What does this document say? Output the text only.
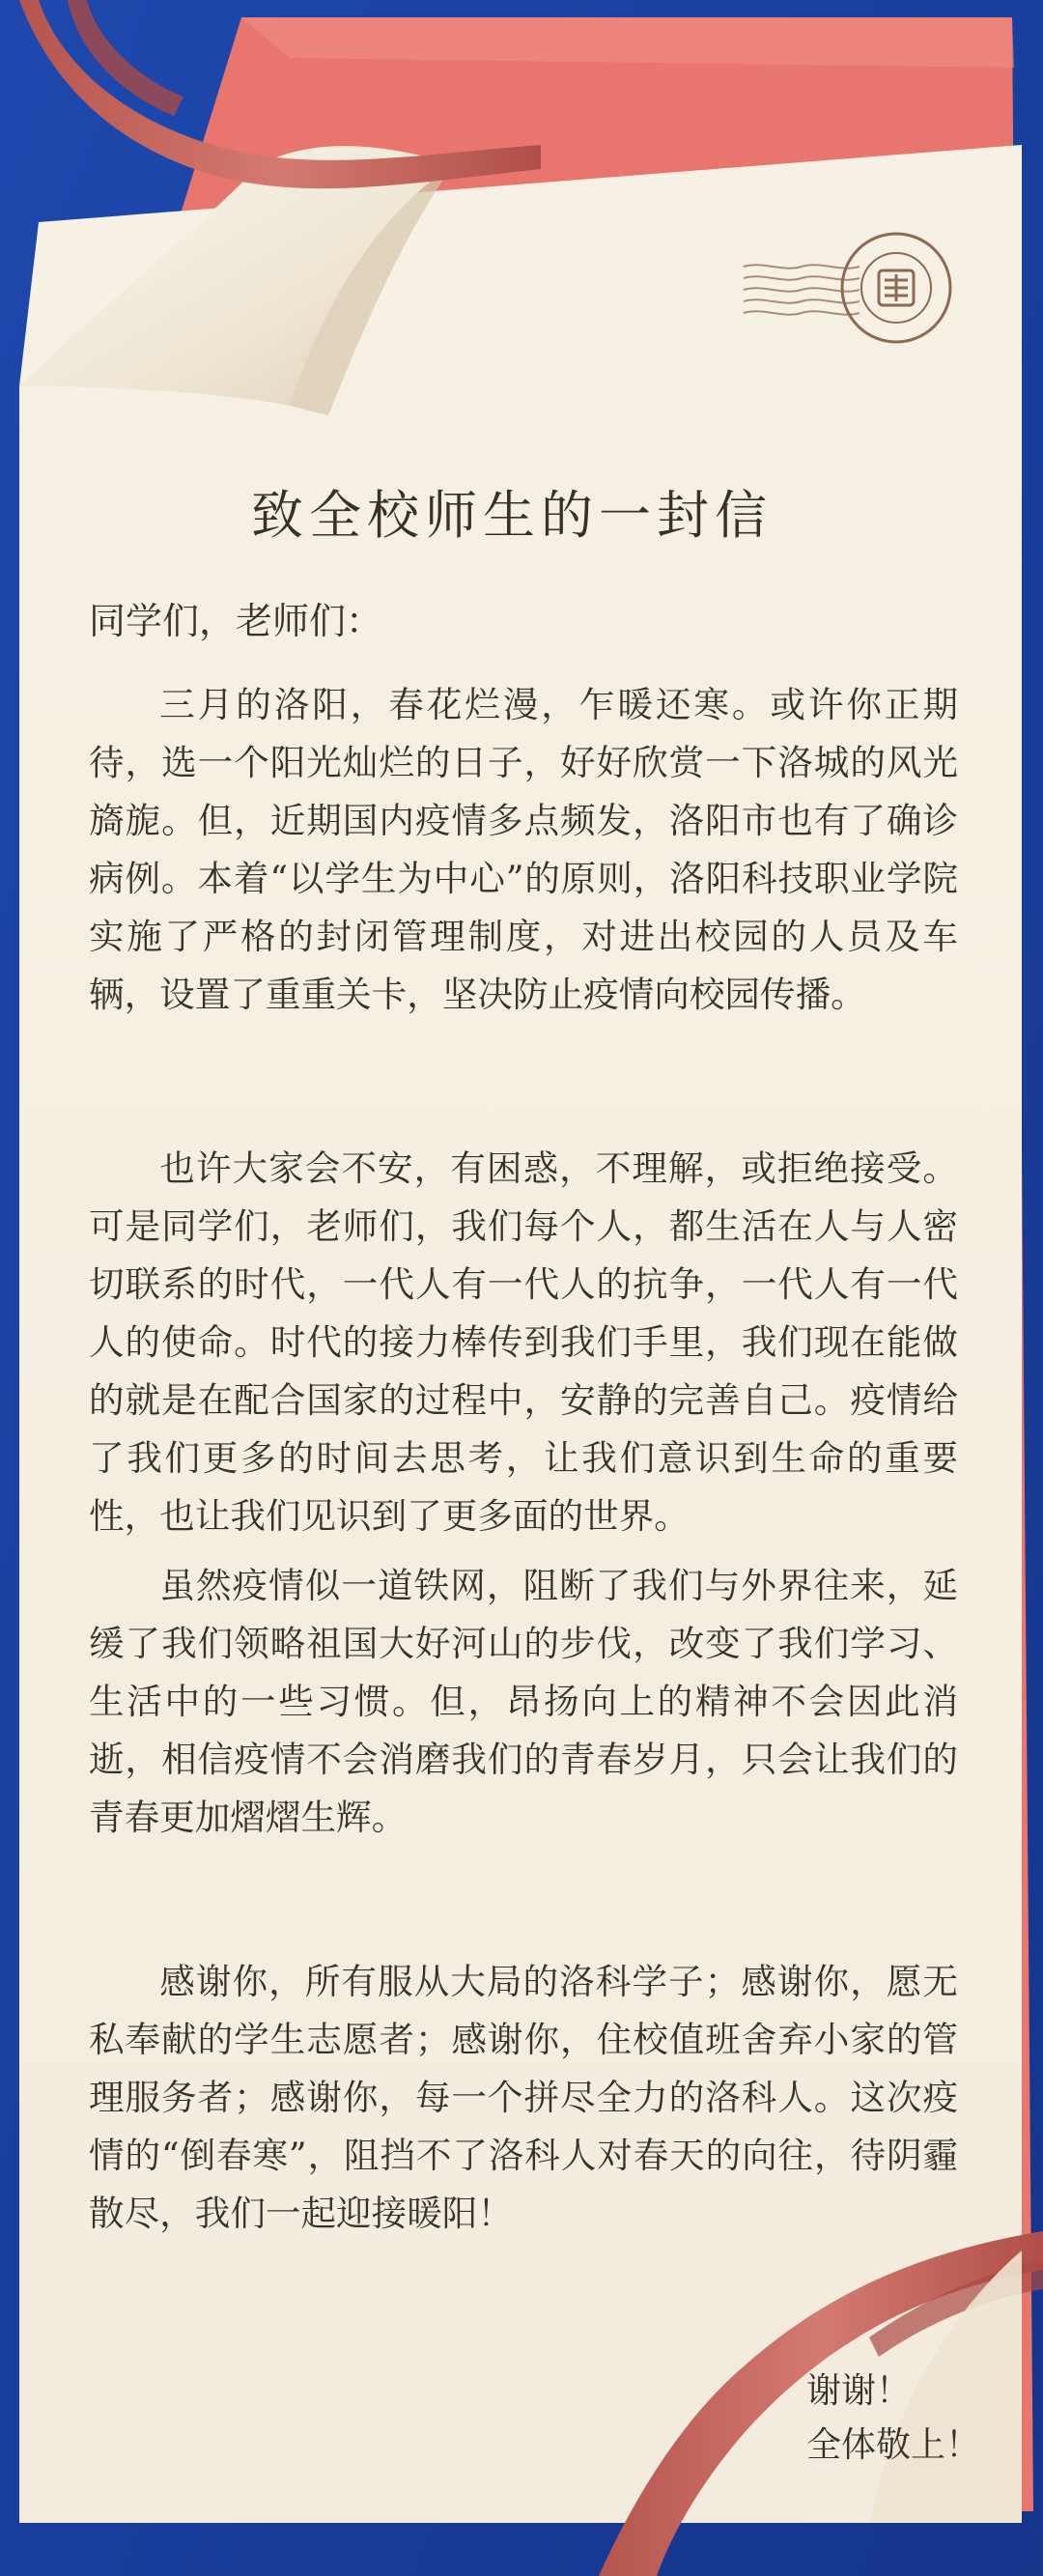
致全校师生的一封信
同学们，老师们：

三月的洛阳，春花烂漫，乍暖还寒。或许你正期待，选一个阳光灿烂的日子，好好欣赏一下洛城的风光旖旎。但，近期国内疫情多点频发，洛阳市也有了确诊病例。本着“以学生为中心”的原则，洛阳科技职业学院实施了严格的封闭管理制度，对进出校园的人员及车辆，设置了重重关卡，坚决防止疫情向校园传播。

也许大家会不安，有困惑，不理解，或拒绝接受。可是同学们，老师们，我们每个人，都生活在人与人密切联系的时代，一代人有一代人的抗争，一代人有一代人的使命。时代的接力棒传到我们手里，我们现在能做的就是在配合国家的过程中，安静的完善自己。疫情给了我们更多的时间去思考，让我们意识到生命的重要性，也让我们见识到了更多面的世界。

虽然疫情似一道铁网，阻断了我们与外界往来，延缓了我们领略祖国大好河山的步伐，改变了我们学习、生活中的一些习惯。但，昂扬向上的精神不会因此消逝，相信疫情不会消磨我们的青春岁月，只会让我们的青春更加熠熠生辉。

感谢你，所有服从大局的洛科学子；感谢你，愿无私奉献的学生志愿者；感谢你，住校值班舍弃小家的管理服务者；感谢你，每一个拼尽全力的洛科人。这次疫情的“倒春寒”，阻挡不了洛科人对春天的向往，待阴霾散尽，我们一起迎接暖阳！

谢谢！
全体敬上！
